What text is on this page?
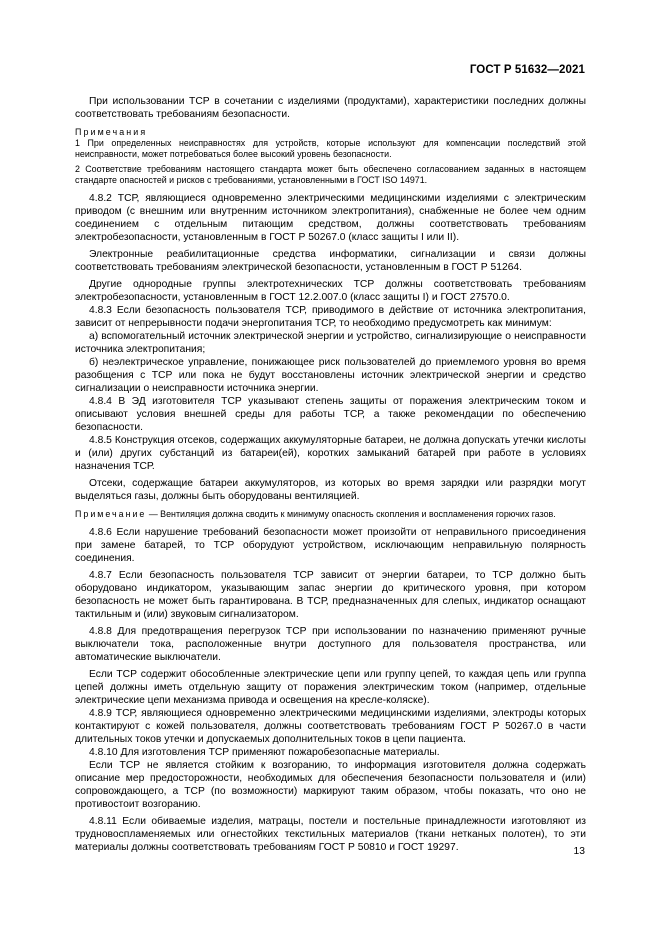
ГОСТ Р 51632—2021

При использовании ТСР в сочетании с изделиями (продуктами), характеристики последних должны соответствовать требованиям безопасности.

Примечания

1 При определенных неисправностях для устройств, которые используют для компенсации последствий этой неисправности, может потребоваться более высокий уровень безопасности.

2 Соответствие требованиям настоящего стандарта может быть обеспечено согласованием заданных в настоящем стандарте опасностей и рисков с требованиями, установленными в ГОСТ ISO 14971.

4.8.2 ТСР, являющиеся одновременно электрическими медицинскими изделиями с электрическим приводом (с внешним или внутренним источником электропитания), снабженные не более чем одним соединением с отдельным питающим средством, должны соответствовать требованиям электробезопасности, установленным в ГОСТ Р 50267.0 (класс защиты I или II).

Электронные реабилитационные средства информатики, сигнализации и связи должны соответствовать требованиям электрической безопасности, установленным в ГОСТ Р 51264.

Другие однородные группы электротехнических ТСР должны соответствовать требованиям электробезопасности, установленным в ГОСТ 12.2.007.0 (класс защиты I) и ГОСТ 27570.0.

4.8.3 Если безопасность пользователя ТСР, приводимого в действие от источника электропитания, зависит от непрерывности подачи энергопитания ТСР, то необходимо предусмотреть как минимум:

а) вспомогательный источник электрической энергии и устройство, сигнализирующие о неисправности источника электропитания;

б) неэлектрическое управление, понижающее риск пользователей до приемлемого уровня во время разобщения с ТСР или пока не будут восстановлены источник электрической энергии и средство сигнализации о неисправности источника энергии.

4.8.4 В ЭД изготовителя ТСР указывают степень защиты от поражения электрическим током и описывают условия внешней среды для работы ТСР, а также рекомендации по обеспечению безопасности.

4.8.5 Конструкция отсеков, содержащих аккумуляторные батареи, не должна допускать утечки кислоты и (или) других субстанций из батареи(ей), коротких замыканий батарей при работе в условиях назначения ТСР.

Отсеки, содержащие батареи аккумуляторов, из которых во время зарядки или разрядки могут выделяться газы, должны быть оборудованы вентиляцией.

Примечание — Вентиляция должна сводить к минимуму опасность скопления и воспламенения горючих газов.

4.8.6 Если нарушение требований безопасности может произойти от неправильного присоединения при замене батарей, то ТСР оборудуют устройством, исключающим неправильную полярность соединения.

4.8.7 Если безопасность пользователя ТСР зависит от энергии батареи, то ТСР должно быть оборудовано индикатором, указывающим запас энергии до критического уровня, при котором безопасность не может быть гарантирована. В ТСР, предназначенных для слепых, индикатор оснащают тактильным и (или) звуковым сигнализатором.

4.8.8 Для предотвращения перегрузок ТСР при использовании по назначению применяют ручные выключатели тока, расположенные внутри доступного для пользователя пространства, или автоматические выключатели.

Если ТСР содержит обособленные электрические цепи или группу цепей, то каждая цепь или группа цепей должны иметь отдельную защиту от поражения электрическим током (например, отдельные электрические цепи механизма привода и освещения на кресле-коляске).

4.8.9 ТСР, являющиеся одновременно электрическими медицинскими изделиями, электроды которых контактируют с кожей пользователя, должны соответствовать требованиям ГОСТ Р 50267.0 в части длительных токов утечки и допускаемых дополнительных токов в цепи пациента.

4.8.10 Для изготовления ТСР применяют пожаробезопасные материалы.

Если ТСР не является стойким к возгоранию, то информация изготовителя должна содержать описание мер предосторожности, необходимых для обеспечения безопасности пользователя и (или) сопровождающего, а ТСР (по возможности) маркируют таким образом, чтобы показать, что оно не противостоит возгоранию.

4.8.11 Если обиваемые изделия, матрацы, постели и постельные принадлежности изготовляют из трудновоспламеняемых или огнестойких текстильных материалов (ткани нетканых полотен), то эти материалы должны соответствовать требованиям ГОСТ Р 50810 и ГОСТ 19297.	13
